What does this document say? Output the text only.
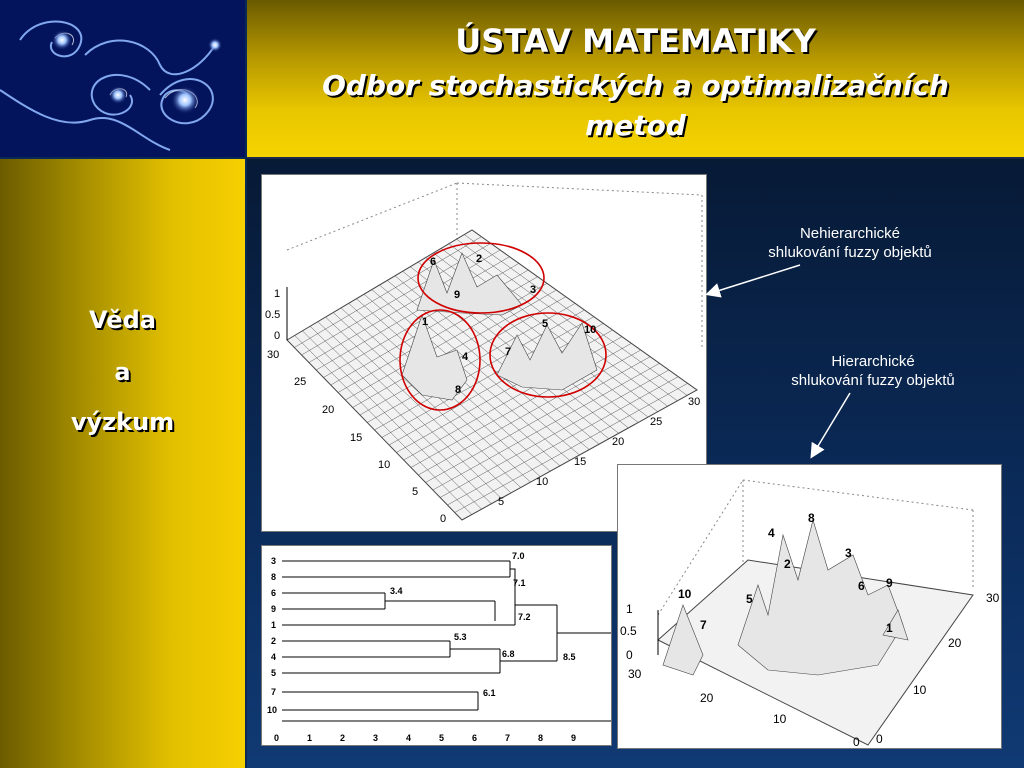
ÚSTAV MATEMATIKY
Odbor stochastických a optimalizačních
metod
Věda
a
výzkum
6	2
9	3
1
4
8
5	10
7
1
0.5
0
30
25
20
15
10
5
0
30
25
20
15
10
5
Nehierarchické
shlukování fuzzy objektů
Hierarchické
shlukování fuzzy objektů
3
8
6
9
1
2
4
5
7
10
7.0
7.1
3.4
7.2
5.3
6.8	8.5
6.1
0	1	2	3	4	5	6	7	8	9
8
4
2
3
6 9
5
10
7	1
1
0.5
0
30
20
10
0
30
20
10
0
